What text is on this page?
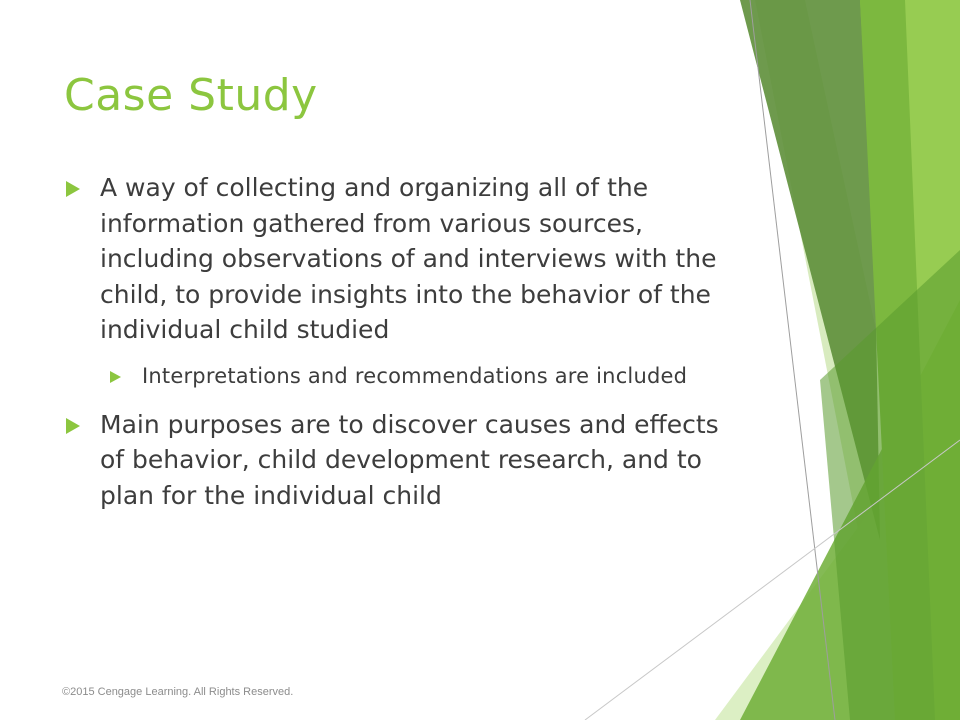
Case Study
A way of collecting and organizing all of the information gathered from various sources, including observations of and interviews with the child, to provide insights into the behavior of the individual child studied
Interpretations and recommendations are included
Main purposes are to discover causes and effects of behavior, child development research, and to plan for the individual child
©2015 Cengage Learning. All Rights Reserved.
